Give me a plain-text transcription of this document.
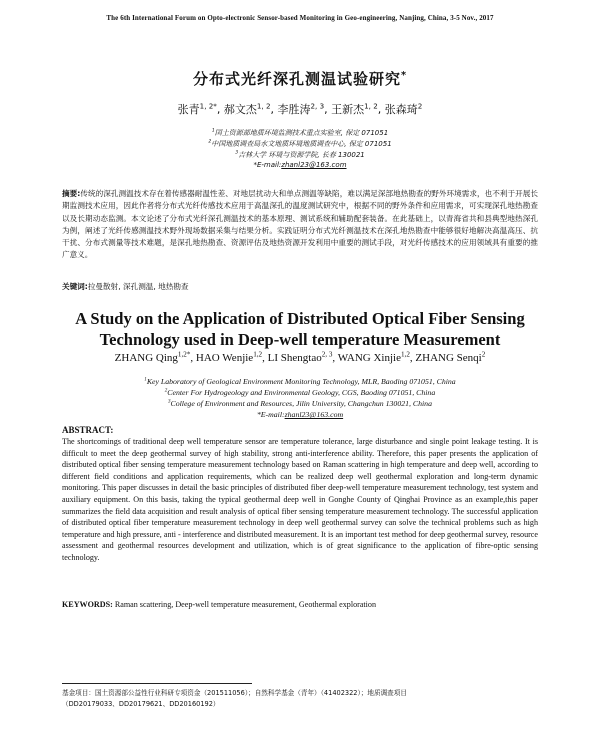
The 6th International Forum on Opto-electronic Sensor-based Monitoring in Geo-engineering, Nanjing, China, 3-5 Nov., 2017
分布式光纤深孔测温试验研究*
张青$^{1, 2*}$, 郝文杰$^{1, 2}$, 李胜涛$^{2, 3}$, 王新杰$^{1, 2}$, 张森琦$^2$
$^1$国土资源部地质环境监测技术重点实验室, 保定 071051
$^2$中国地质调查局水文地质环境地质调查中心, 保定 071051
$^3$吉林大学 环境与资源学院, 长春 130021
*E-mail:zhanl23@163.com
摘要:传统的深孔测温技术存在着传感器耐温性差、对地层扰动大和单点测温等缺陷，难以满足深部地热勘查的野外环境需求，也不利于开展长期监测技术应用，因此作者将分布式光纤传感技术应用于高温深孔的温度测试研究中，根据不同的野外条件和应用需求，可实现深孔地热勘查以及长期动态监测。本文论述了分布式光纤深孔测温技术的基本原理、测试系统和辅助配套装备。在此基础上，以青海省共和县典型地热深孔为例，阐述了光纤传感测温技术野外现场数据采集与结果分析。实践证明分布式光纤测温技术在深孔地热勘查中能够很好地解决高温高压、抗干扰、分布式测量等技术难题，是深孔地热勘查、资源评估及地热资源开发利用中重要的测试手段，对光纤传感技术的应用领域具有重要的推广意义。
关键词:拉曼散射, 深孔测温, 地热勘查
A Study on the Application of Distributed Optical Fiber Sensing
Technology used in Deep-well temperature Measurement
ZHANG Qing$^{1,2*}$, HAO Wenjie$^{1,2}$, LI Shengtao$^{2, 3}$, WANG Xinjie$^{1,2}$, ZHANG Senqi$^2$
$^1$Key Laboratory of Geological Environment Monitoring Technology, MLR, Baoding 071051, China
$^2$Center For Hydrogeology and Environmental Geology, CGS, Baoding 071051, China
$^3$College of Environment and Resources, Jilin University, Changchun 130021, China
*E-mail:zhanl23@163.com
ABSTRACT:
The shortcomings of traditional deep well temperature sensor are temperature tolerance, large disturbance and single point leakage testing. It is difficult to meet the deep geothermal survey of high stability, strong anti-interference ability. Therefore, this paper presents the application of distributed optical fiber sensing temperature measurement technology based on Raman scattering in high temperature and deep well, according to different field conditions and application requirements, which can be realized deep well geothermal exploration and long-term dynamic monitoring. This paper discusses in detail the basic principles of distributed fiber deep-well temperature measurement technology, test system and auxiliary equipment. On this basis, taking the typical geothermal deep well in Gonghe County of Qinghai Province as an example,this paper summarizes the field data acquisition and result analysis of optical fiber sensing temperature measurement technology. The successful application of distributed optical fiber temperature measurement technology in deep well geothermal survey can solve the technical problems such as high temperature and high pressure, anti - interference and distributed measurement. It is an important test method for deep geothermal survey, resource assessment and geothermal resources development and utilization, which is of great significance to the application of fibre-optic sensing technology.
KEYWORDS: Raman scattering, Deep-well temperature measurement, Geothermal exploration
基金项目：国土资源部公益性行业科研专项资金（201511056）；自然科学基金（青年）（41402322）；地质调查项目
（DD20179033、DD20179621、DD20160192）
